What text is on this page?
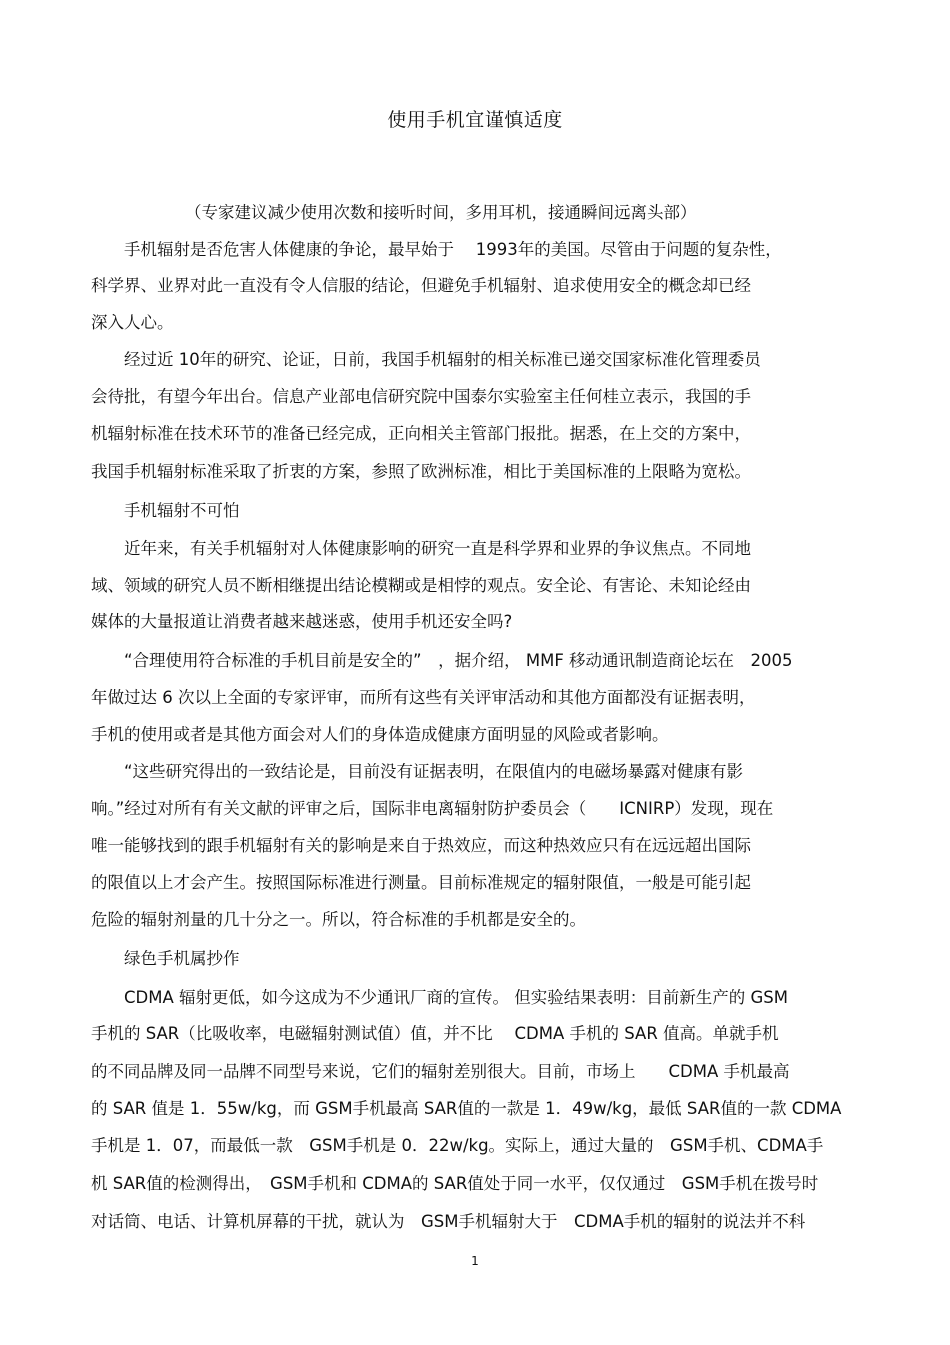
使用手机宜谨慎适度
（专家建议减少使用次数和接听时间，多用耳机，接通瞬间远离头部）
手机辐射是否危害人体健康的争论，最早始于　 1993年的美国。尽管由于问题的复杂性，
科学界、业界对此一直没有令人信服的结论，但避免手机辐射、追求使用安全的概念却已经
深入人心。
经过近 10年的研究、论证，日前，我国手机辐射的相关标准已递交国家标准化管理委员
会待批，有望今年出台。信息产业部电信研究院中国泰尔实验室主任何桂立表示，我国的手
机辐射标准在技术环节的准备已经完成，正向相关主管部门报批。据悉，在上交的方案中，
我国手机辐射标准采取了折衷的方案，参照了欧洲标准，相比于美国标准的上限略为宽松。
手机辐射不可怕
近年来，有关手机辐射对人体健康影响的研究一直是科学界和业界的争议焦点。不同地
域、领域的研究人员不断相继提出结论模糊或是相悖的观点。安全论、有害论、未知论经由
媒体的大量报道让消费者越来越迷惑，使用手机还安全吗?
“合理使用符合标准的手机目前是安全的”　，据介绍， MMF 移动通讯制造商论坛在　2005
年做过达 6 次以上全面的专家评审，而所有这些有关评审活动和其他方面都没有证据表明，
手机的使用或者是其他方面会对人们的身体造成健康方面明显的风险或者影响。
“这些研究得出的一致结论是，目前没有证据表明，在限值内的电磁场暴露对健康有影
响。”经过对所有有关文献的评审之后，国际非电离辐射防护委员会（　　ICNIRP）发现，现在
唯一能够找到的跟手机辐射有关的影响是来自于热效应，而这种热效应只有在远远超出国际
的限值以上才会产生。按照国际标准进行测量。目前标准规定的辐射限值，一般是可能引起
危险的辐射剂量的几十分之一。所以，符合标准的手机都是安全的。
绿色手机属抄作
CDMA 辐射更低，如今这成为不少通讯厂商的宣传。 但实验结果表明：目前新生产的 GSM
手机的 SAR（比吸收率，电磁辐射测试值）值，并不比　 CDMA 手机的 SAR 值高。单就手机
的不同品牌及同一品牌不同型号来说，它们的辐射差别很大。目前，市场上　　CDMA 手机最高
的 SAR 值是 1．55w/kg，而 GSM手机最高 SAR值的一款是 1．49w/kg，最低 SAR值的一款 CDMA
手机是 1．07，而最低一款　GSM手机是 0．22w/kg。实际上，通过大量的　GSM手机、CDMA手
机 SAR值的检测得出，　GSM手机和 CDMA的 SAR值处于同一水平，仅仅通过　GSM手机在拨号时
对话筒、电话、计算机屏幕的干扰，就认为　GSM手机辐射大于　CDMA手机的辐射的说法并不科
1
